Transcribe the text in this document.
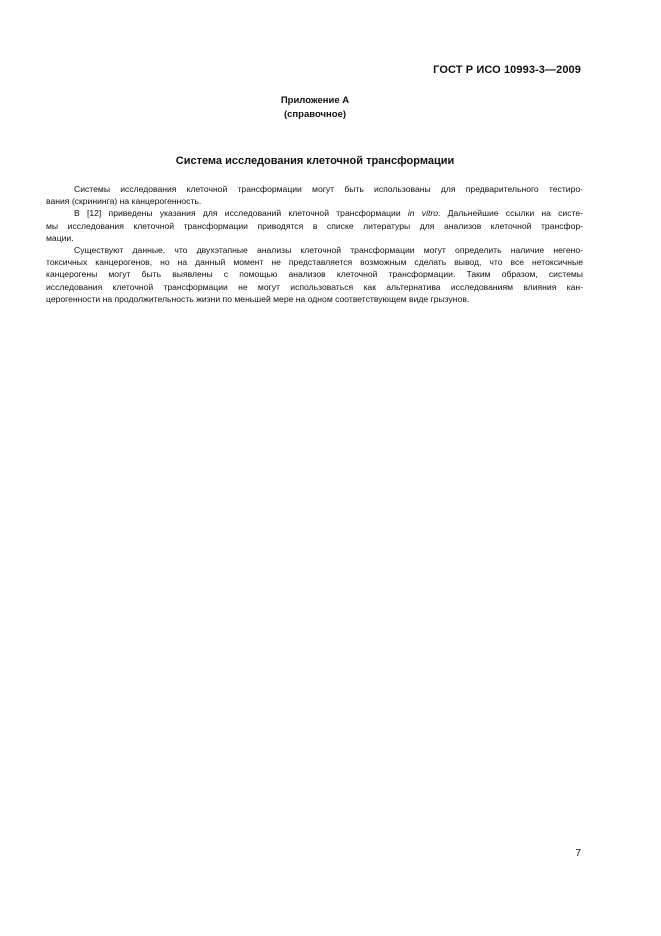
ГОСТ Р ИСО 10993-3—2009
Приложение А
(справочное)
Система исследования клеточной трансформации
Системы исследования клеточной трансформации могут быть использованы для предварительного тестиро-
вания (скрининга) на канцерогенность.
В [12] приведены указания для исследований клеточной трансформации in vitro. Дальнейшие ссылки на систе-
мы исследования клеточной трансформации приводятся в списке литературы для анализов клеточной трансфор-
мации.
Существуют данные, что двухэтапные анализы клеточной трансформации могут определить наличие негено-
токсичных канцерогенов, но на данный момент не представляется возможным сделать вывод, что все нетоксичные
канцерогены могут быть выявлены с помощью анализов клеточной трансформации. Таким образом, системы
исследования клеточной трансформации не могут использоваться как альтернатива исследованиям влияния кан-
церогенности на продолжительность жизни по меньшей мере на одном соответствующем виде грызунов.
7
